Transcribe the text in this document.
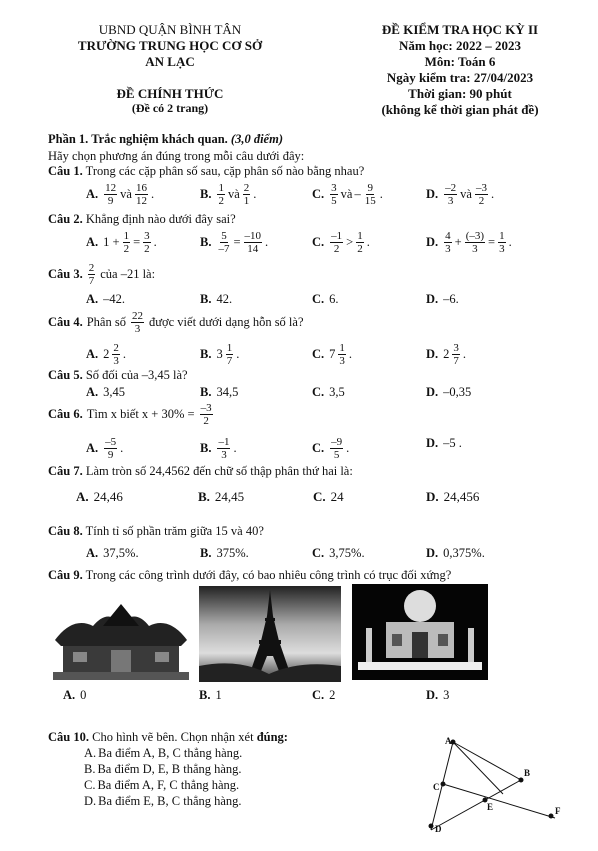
UBND QUẬN BÌNH TÂN
TRƯỜNG TRUNG HỌC CƠ SỞ
AN LẠC
ĐỀ CHÍNH THỨC
(Đề có 2 trang)
ĐỀ KIỂM TRA HỌC KỲ II
Năm học: 2022 – 2023
Môn: Toán 6
Ngày kiểm tra: 27/04/2023
Thời gian: 90 phút
(không kể thời gian phát đề)
Phần 1. Trắc nghiệm khách quan. (3,0 điểm)
Hãy chọn phương án đúng trong mỗi câu dưới đây:
Câu 1. Trong các cặp phân số sau, cặp phân số nào bằng nhau?
A. $\frac{12}{9}$ và $\frac{16}{12}$ .	B. $\frac{1}{2}$ và $\frac{2}{1}$ .	C. $\frac{3}{5}$ và – $\frac{9}{15}$ .	D. $\frac{-2}{3}$ và $\frac{-3}{2}$ .
Câu 2. Khẳng định nào dưới đây sai?
A. $1 + \frac{1}{2} = \frac{3}{2}$ .	B. $\frac{5}{-7} = \frac{-10}{14}$ .	C. $\frac{-1}{2} > \frac{1}{2}$ .	D. $\frac{4}{3} + \frac{(-3)}{3} = \frac{1}{3}$ .
Câu 3. $\frac{2}{7}$ của –21 là:
A. –42.	B. 42.	C. 6.	D. –6.
Câu 4. Phân số $\frac{22}{3}$ được viết dưới dạng hỗn số là?
A. $2 \frac{2}{3}$ .	B. $3 \frac{1}{7}$ .	C. $7 \frac{1}{3}$ .	D. $2 \frac{3}{7}$ .
Câu 5. Số đối của –3,45 là?
A. 3,45	B. 34,5	C. 3,5	D. –0,35
Câu 6. Tìm x biết $x + 30\% = \frac{-3}{2}$
A. $\frac{-5}{9}$ .	B. $\frac{-1}{3}$ .	C. $\frac{-9}{5}$ .	D. –5 .
Câu 7. Làm tròn số 24,4562 đến chữ số thập phân thứ hai là:
A. 24,46	B. 24,45	C. 24	D. 24,456
Câu 8. Tính tỉ số phần trăm giữa 15 và 40?
A. 37,5%.	B. 375%.	C. 3,75%.	D. 0,375%.
Câu 9. Trong các công trình dưới đây, có bao nhiêu công trình có trục đối xứng?
A. 0	B. 1	C. 2	D. 3
Câu 10. Cho hình vẽ bên. Chọn nhận xét đúng:
A. Ba điểm A, B, C thẳng hàng.
B. Ba điểm D, E, B thẳng hàng.
C. Ba điểm A, F, C thẳng hàng.
D. Ba điểm E, B, C thẳng hàng.
A
B
C
D
E	F
